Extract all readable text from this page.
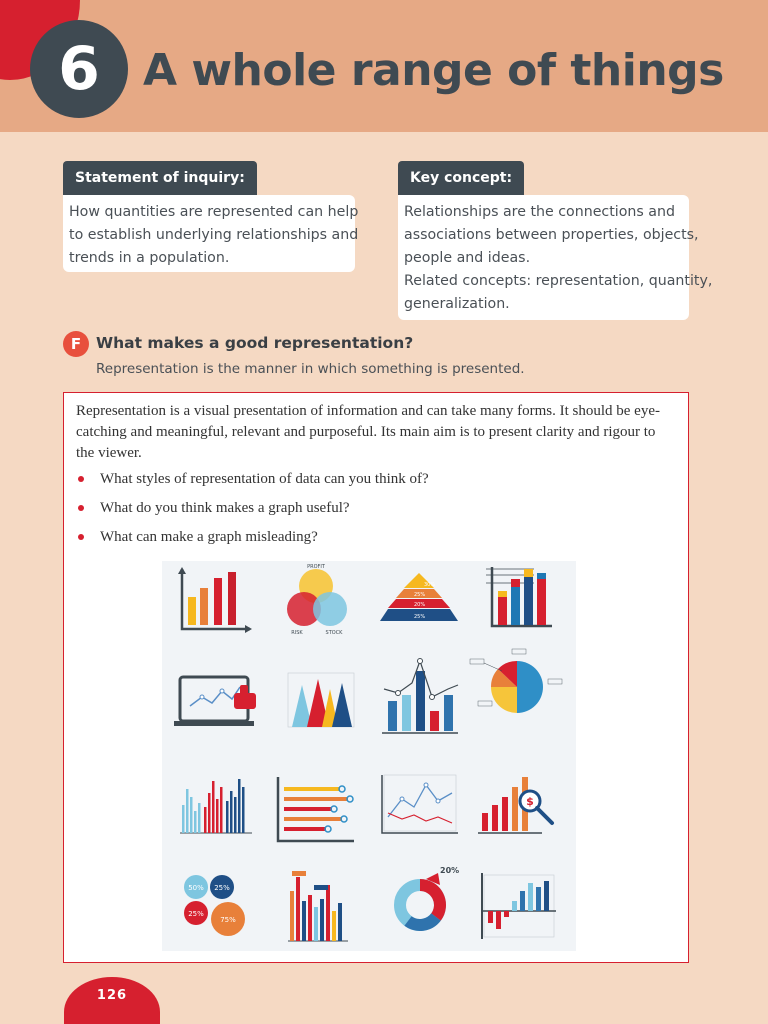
6 A whole range of things
Statement of inquiry:

How quantities are represented can help

to establish underlying relationships and

trends in a population.

Key concept:

Relationships are the connections and

associations between properties, objects,

people and ideas.

Related concepts: representation, quantity,

generalization.

F What makes a good representation?
Representation is the manner in which something is presented.

Representation is a visual presentation of information and can take many forms. It should be eye-catching and meaningful, relevant and purposeful. Its main aim is to present clarity and rigour to the viewer.

What styles of representation of data can you think of?
What do you think makes a graph useful?
What can make a graph misleading?
PROFIT
RISK	STOCK
30%
25%
20%
25%
$
50% 25%
25%
75%
20%
126
